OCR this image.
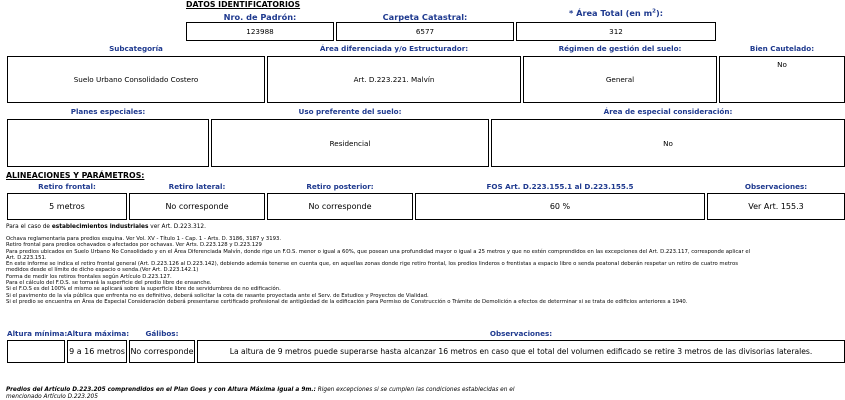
DATOS IDENTIFICATORIOS
Nro. de Padrón:
123988
Carpeta Catastral:
6577
* Área Total (en $m^2$):
312
Subcategoría
Suelo Urbano Consolidado Costero
Área diferenciada y/o Estructurador:
Art. D.223.221. Malvín
Régimen de gestión del suelo:
General
Bien Cautelado:
No
Planes especiales:	Uso preferente del suelo:
Residencial
Área de especial consideración:
No
ALINEACIONES Y PARÁMETROS:
Retiro frontal:
5 metros
Retiro lateral:
No corresponde
Retiro posterior:
No corresponde
FOS Art. D.223.155.1 al D.223.155.5
60 %
Observaciones:
Ver Art. 155.3
Para el caso de establecimientos industriales ver Art. D.223.312.
Ochava reglamentaria para predios esquina. Ver Vol. XV - Título 1 - Cap. 1 - Arts. D. 3186, 3187 y 3193.
Retiro frontal para predios ochavados o afectados por ochavas. Ver Arts. D.223.128 y D.223.129
Para predios ubicados en Suelo Urbano No Consolidado y en el Área Diferenciada Malvín, donde rige un F.O.S. menor o igual a 60%, que posean una profundidad mayor o igual a 25 metros y que no estén comprendidos en las excepciones del Art. D.223.117, corresponde aplicar el
Art. D.223.151.
En este informe se indica el retiro frontal general (Art. D.223.126 al D.223.142), debiendo además tenerse en cuenta que, en aquellas zonas donde rige retiro frontal, los predios linderos o frentistas a espacio libre o senda peatonal deberán respetar un retiro de cuatro metros
medidos desde el límite de dicho espacio o senda.(Ver Art. D.223.142.1)
Forma de medir los retiros frontales según Artículo D.223.127.
Para el cálculo del F.O.S. se tomará la superficie del predio libre de ensanche.
Si el F.O.S es del 100% el mismo se aplicará sobre la superficie libre de servidumbres de no edificación.
Si el pavimento de la vía pública que enfrenta no es definitivo, deberá solicitar la cota de rasante proyectada ante el Serv. de Estudios y Proyectos de Vialidad.
Si el predio se encuentra en Área de Especial Consideración deberá presentarse certificado profesional de antigüedad de la edificación para Permiso de Construcción o Trámite de Demolición a efectos de determinar si se trata de edificios anteriores a 1940.
Altura mínima: Altura máxima:
9 a 16 metros
Gálibos:
No corresponde
Observaciones:
La altura de 9 metros puede superarse hasta alcanzar 16 metros en caso que el total del volumen edificado se retire 3 metros de las divisorias laterales.
Predios del Artículo D.223.205 comprendidos en el Plan Goes y con Altura Máxima igual a 9m.: Rigen excepciones si se cumplen las condiciones establecidas en el
mencionado Artículo D.223.205
